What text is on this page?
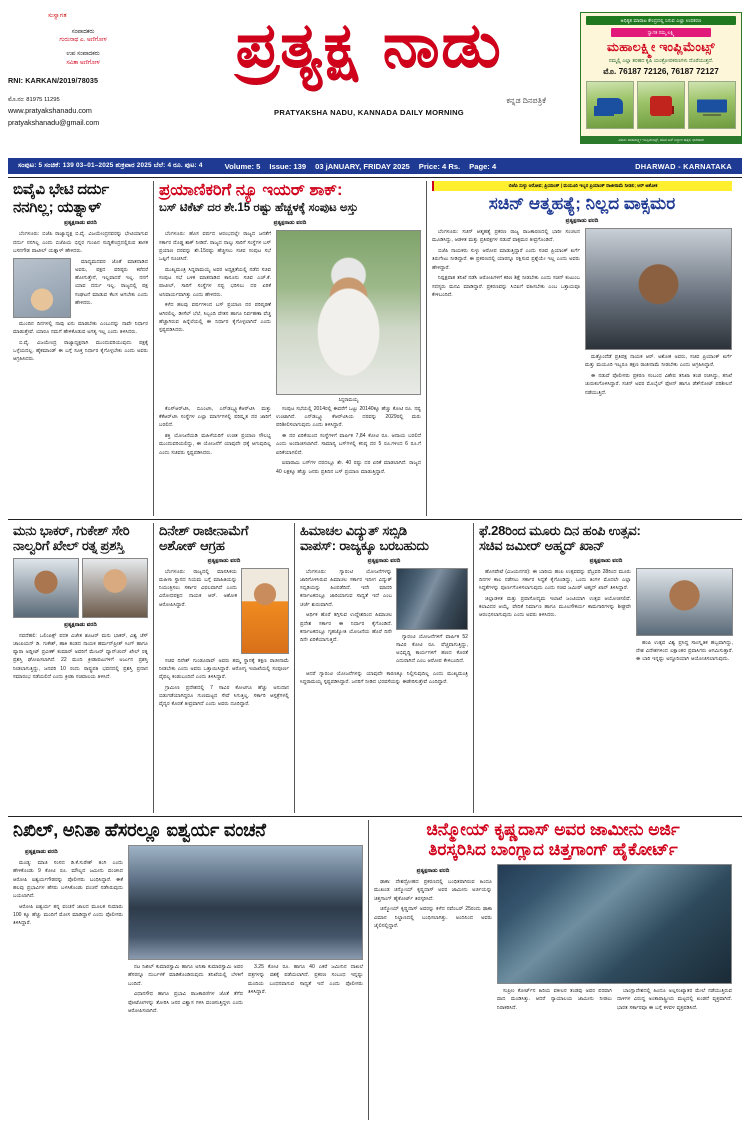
ಸುಸ್ವಾಗತ
ಸಂಪಾದಕರು
ಗುರುನಾಥ ಎ. ಅಣಿಗೋಳ
ಉಪ ಸಂಪಾದಕರು
ಸವಿತಾ ಅಣಿಗೋಳ
RNI: KARKAN/2019/78035
ಮೊ.ನಂ: 81975 11295
www.pratyakshanadu.com
pratyakshanadu@gmail.com
ಪ್ರತ್ಯಕ್ಷ ನಾಡು
ಕನ್ನಡ ದಿನಪತ್ರಿಕೆ
PRATYAKSHA NADU, KANNADA DAILY MORNING
ಅಧಿಕೃತ ಮಾರಾಟ ಕೇಂದ್ರದಲ್ಲಿ ಸಿಗುವ ಎಲ್ಲಾ ಉಪಕರಣ
ಸ್ವಾಗತ ನಮ್ಮ ಲಕ್ಷ್ಮಿ
ಮಹಾಲಕ್ಷ್ಮೀ ಇಂಪ್ಲಿಮೆಂಟ್ಸ್
ನಮ್ಮಲ್ಲಿ ಎಲ್ಲಾ ತರಹದ ಕೃಷಿ ಯಂತ್ರೋಪಕರಣಗಳು ದೊರೆಯುತ್ತದೆ.
ಮೊ. 76187 72126, 76187 72127
ವಿಳಾಸ: ಮಹಾಲಕ್ಷ್ಮೀ ಇಂಪ್ಲಿಮೆಂಟ್ಸ್, ಹೊಸ ಬಸ್ ನಿಲ್ದಾಣ ಹತ್ತಿರ, ಧಾರವಾಡ
ಸಂಪುಟ: 5 ಸಂಚಿಕೆ: 139 03–01–2025 ಶುಕ್ರವಾರ 2025 ಬೆಲೆ: 4 ರೂ. ಪುಟ: 4	Volume: 5 Issue: 139 03 jANUARY, FRIDAY 2025 Price: 4 Rs. Page: 4	DHARWAD - KARNATAKA
ಬಿವೈವಿ ಭೇಟಿ ದರ್ದು
ನನಗಿಲ್ಲ; ಯತ್ನಾಳ್
ಪ್ರತ್ಯಕ್ಷನಾಡು ವರದಿ

ಬೆಂಗಳೂರು: ಬಿಜೆಪಿ ರಾಜ್ಯಾಧ್ಯಕ್ಷ ಬಿ.ವೈ. ವಿಜಯೇಂದ್ರನವರನ್ನು ಭೇಟಿಯಾಗುವ ದರ್ದು ನನಗಿಲ್ಲ ಎಂದು ಬಿಜೆಪಿಯ ಭಿನ್ನರ ಗುಂಪಿನ ಸುದ್ದಿಕೇಂದ್ರದಲ್ಲಿರುವ ಶಾಸಕ ಬಸನಗೌಡ ಪಾಟೀಲ್ ಯತ್ನಾಳ್ ಹೇಳಿದರು.

ಮಾಧ್ಯಮದವರ ಜೊತೆ ಮಾತನಾಡಿದ ಅವರು, ಪಕ್ಷದ ವರಿಷ್ಠರು ಕರೆದರೆ ಹೋಗುತ್ತೇನೆ, ಇಲ್ಲವಾದರೆ ಇಲ್ಲ. ನನಗೆ ಯಾವ ದರ್ದು ಇಲ್ಲ. ರಾಜ್ಯದಲ್ಲಿ ಪಕ್ಷ ಸಂಘಟನೆ ಮಾಡುವ ಕೆಲಸ ಆಗಬೇಕು ಎಂದು ಹೇಳಿದರು.

ಮುಂದಿನ ದಿನಗಳಲ್ಲಿ ನಾವು ಏನು ಮಾಡಬೇಕು ಎಂಬುದನ್ನು ನಾವೇ ನಿರ್ಧಾರ ಮಾಡುತ್ತೇವೆ. ಯಾರೂ ನಮಗೆ ಹೇಳಿಕೊಡುವ ಅಗತ್ಯ ಇಲ್ಲ ಎಂದು ತಿಳಿಸಿದರು.

ಬಿ.ವೈ. ವಿಜಯೇಂದ್ರ ರಾಜ್ಯಾಧ್ಯಕ್ಷರಾಗಿ ಮುಂದುವರಿಯುವುದು ಪಕ್ಷಕ್ಕೆ ಒಳ್ಳೆಯದಲ್ಲ. ಹೈಕಮಾಂಡ್ ಈ ಬಗ್ಗೆ ಸೂಕ್ತ ನಿರ್ಧಾರ ಕೈಗೊಳ್ಳಬೇಕು ಎಂದು ಅವರು ಆಗ್ರಹಿಸಿದರು.

ಪ್ರಯಾಣಿಕರಿಗೆ ನ್ಯೂ ಇಯರ್ ಶಾಕ್:
ಬಸ್ ಟಿಕೆಟ್ ದರ ಶೇ.15 ರಷ್ಟು ಹೆಚ್ಚಳಕ್ಕೆ ಸಂಪುಟ ಅಸ್ತು
ಪ್ರತ್ಯಕ್ಷನಾಡು ವರದಿ

ಬೆಂಗಳೂರು: ಹೊಸ ವರ್ಷದ ಆರಂಭದಲ್ಲೇ ರಾಜ್ಯದ ಜನತೆಗೆ ಸರ್ಕಾರ ದೊಡ್ಡ ಶಾಕ್ ನೀಡಿದೆ. ರಾಜ್ಯದ ನಾಲ್ಕು ಸಾರಿಗೆ ಸಂಸ್ಥೆಗಳ ಬಸ್ ಪ್ರಯಾಣ ದರವನ್ನು ಶೇ.15ರಷ್ಟು ಹೆಚ್ಚಿಸಲು ಸಚಿವ ಸಂಪುಟ ಸಭೆ ಒಪ್ಪಿಗೆ ಸೂಚಿಸಿದೆ.

ಮುಖ್ಯಮಂತ್ರಿ ಸಿದ್ದರಾಮಯ್ಯ ಅವರ ಅಧ್ಯಕ್ಷತೆಯಲ್ಲಿ ನಡೆದ ಸಚಿವ ಸಂಪುಟ ಸಭೆ ಬಳಿಕ ಮಾತನಾಡಿದ ಕಾನೂನು ಸಚಿವ ಎಚ್.ಕೆ. ಪಾಟೀಲ್, ಸಾರಿಗೆ ಸಂಸ್ಥೆಗಳ ನಷ್ಟ ಭರಿಸಲು ದರ ಏರಿಕೆ ಅನಿವಾರ್ಯವಾಗಿತ್ತು ಎಂದು ಹೇಳಿದರು.

ಕಳೆದ ಹಲವು ವರ್ಷಗಳಿಂದ ಬಸ್ ಪ್ರಯಾಣ ದರ ಪರಿಷ್ಕರಣೆ ಆಗಿರಲಿಲ್ಲ. ಡೀಸೆಲ್ ಬೆಲೆ, ಸಿಬ್ಬಂದಿ ವೇತನ ಹಾಗೂ ನಿರ್ವಹಣಾ ವೆಚ್ಚ ಹೆಚ್ಚಾಗಿರುವ ಹಿನ್ನೆಲೆಯಲ್ಲಿ ಈ ನಿರ್ಧಾರ ಕೈಗೊಳ್ಳಲಾಗಿದೆ ಎಂದು ಸ್ಪಷ್ಟಪಡಿಸಿದರು.

ಸಿದ್ದರಾಮಯ್ಯ

ಕೆಎಸ್‌ಆರ್‌ಟಿಸಿ, ಬಿಎಂಟಿಸಿ, ಎನ್‌ಡಬ್ಲ್ಯೂಕೆಆರ್‌ಟಿಸಿ ಮತ್ತು ಕೆಕೆಆರ್‌ಟಿಸಿ ಸಂಸ್ಥೆಗಳ ಎಲ್ಲಾ ಮಾರ್ಗಗಳಲ್ಲಿ ಪರಿಷ್ಕೃತ ದರ ಜಾರಿಗೆ ಬರಲಿದೆ.

ಶಕ್ತಿ ಯೋಜನೆಯಡಿ ಮಹಿಳೆಯರಿಗೆ ಉಚಿತ ಪ್ರಯಾಣ ಸೌಲಭ್ಯ ಮುಂದುವರಿಯಲಿದ್ದು, ಈ ಯೋಜನೆಗೆ ಯಾವುದೇ ಧಕ್ಕೆ ಆಗುವುದಿಲ್ಲ ಎಂದು ಸಚಿವರು ಸ್ಪಷ್ಟಪಡಿಸಿದರು.

ಸಂಪುಟ ಸಭೆಯಲ್ಲಿ 2014ರಲ್ಲಿ ಈವರೆಗೆ ಒಟ್ಟು 20140ಕ್ಕೂ ಹೆಚ್ಚು ಕೋಟಿ ರೂ. ನಷ್ಟ ಉಂಟಾಗಿದೆ. ಎನ್‌ಡಬ್ಲ್ಯೂ ಕೆಆರ್‌ಟಿಸಿಯ ದರವನ್ನು 2029ರಲ್ಲಿ ಮರು ಪರಿಶೀಲಿಸಲಾಗುವುದು ಎಂದು ತಿಳಿಸಿದ್ದಾರೆ.

ಈ ದರ ಏರಿಕೆಯಿಂದ ಸಂಸ್ಥೆಗಳಿಗೆ ವಾರ್ಷಿಕ 7,84 ಕೋಟಿ ರೂ. ಆದಾಯ ಬರಲಿದೆ ಎಂದು ಅಂದಾಜಿಸಲಾಗಿದೆ. ಸಾಮಾನ್ಯ ಬಸ್‌ಗಳಲ್ಲಿ ಕನಿಷ್ಠ ದರ 5 ರೂ.ಗಳಿಂದ 6 ರೂ.ಗೆ ಏರಿಕೆಯಾಗಲಿದೆ.

ಐಷಾರಾಮಿ ಬಸ್‌ಗಳ ದರದಲ್ಲೂ ಶೇ. 40 ರಷ್ಟು ದರ ಏರಿಕೆ ಮಾಡಲಾಗಿದೆ. ರಾಜ್ಯದ 40 ಲಕ್ಷಕ್ಕೂ ಹೆಚ್ಚು ಜನರು ಪ್ರತಿದಿನ ಬಸ್ ಪ್ರಯಾಣ ಮಾಡುತ್ತಿದ್ದಾರೆ.

ಬಿಜೆಪಿ ಸುಳ್ಳು ಆರೋಪ; ಪ್ರಿಯಾಂಕ್ | ಮಯೂರಿ ಇಬ್ಬರ ಪ್ರಿಯಾಂಕ್ ರಾಜೀನಾಮೆ ನೀಡಲಿ; ಆರ್ ಅಶೋಕ
ಸಚಿನ್ ಆತ್ಮಹತ್ಯೆ; ನಿಲ್ಲದ ವಾಕ್ಸಮರ
ಪ್ರತ್ಯಕ್ಷನಾಡು ವರದಿ

ಬೆಂಗಳೂರು: ಸಚಿನ್ ಆತ್ಮಹತ್ಯೆ ಪ್ರಕರಣ ರಾಜ್ಯ ರಾಜಕಾರಣದಲ್ಲಿ ಭಾರೀ ಸಂಚಲನ ಮೂಡಿಸಿದ್ದು, ಆಡಳಿತ ಮತ್ತು ಪ್ರತಿಪಕ್ಷಗಳ ನಡುವೆ ವಾಕ್ಸಮರ ತೀವ್ರಗೊಂಡಿದೆ.

ಬಿಜೆಪಿ ನಾಯಕರು ಸುಳ್ಳು ಆರೋಪ ಮಾಡುತ್ತಿದ್ದಾರೆ ಎಂದು ಸಚಿವ ಪ್ರಿಯಾಂಕ್ ಖರ್ಗೆ ತಿರುಗೇಟು ನೀಡಿದ್ದಾರೆ. ಈ ಪ್ರಕರಣದಲ್ಲಿ ಯಾರನ್ನೂ ರಕ್ಷಿಸುವ ಪ್ರಶ್ನೆಯೇ ಇಲ್ಲ ಎಂದು ಅವರು ಹೇಳಿದ್ದಾರೆ.

ನಿಷ್ಪಕ್ಷಪಾತ ತನಿಖೆ ನಡೆಸಿ ಆರೋಪಿಗಳಿಗೆ ಕಠಿಣ ಶಿಕ್ಷೆ ನೀಡಬೇಕು ಎಂದು ಸಚಿನ್ ಕುಟುಂಬ ಸದಸ್ಯರು ಮನವಿ ಮಾಡಿದ್ದಾರೆ. ಪ್ರಕರಣವನ್ನು ಸಿಬಿಐಗೆ ವಹಿಸಬೇಕು ಎಂಬ ಒತ್ತಾಯವೂ ಕೇಳಿಬಂದಿದೆ.

ಮತ್ತೊಂದೆಡೆ ಪ್ರತಿಪಕ್ಷ ನಾಯಕ ಆರ್. ಅಶೋಕ ಅವರು, ಸಚಿವ ಪ್ರಿಯಾಂಕ್ ಖರ್ಗೆ ಮತ್ತು ಮಯೂರಿ ಇಬ್ಬರೂ ತಕ್ಷಣ ರಾಜೀನಾಮೆ ನೀಡಬೇಕು ಎಂದು ಆಗ್ರಹಿಸಿದ್ದಾರೆ.

ಈ ನಡುವೆ ಪೊಲೀಸರು ಪ್ರಕರಣ ಸಂಬಂಧ ವಿಶೇಷ ತನಿಖಾ ತಂಡ ರಚಿಸಿದ್ದು, ತನಿಖೆ ಚುರುಕುಗೊಳಿಸಿದ್ದಾರೆ. ಸಚಿನ್ ಅವರ ಮೊಬೈಲ್ ಫೋನ್ ಹಾಗೂ ಡೆತ್‌ನೋಟ್ ಪರಿಶೀಲನೆ ನಡೆಯುತ್ತಿದೆ.

ಮನು ಭಾಕರ್, ಗುಕೇಶ್ ಸೇರಿ
ನಾಲ್ವರಿಗೆ ಖೇಲ್ ರತ್ನ ಪ್ರಶಸ್ತಿ
ಪ್ರತ್ಯಕ್ಷನಾಡು ವರದಿ

ನವದೆಹಲಿ: ಒಲಿಂಪಿಕ್ಸ್ ಪದಕ ವಿಜೇತ ಶೂಟರ್ ಮನು ಭಾಕರ್, ವಿಶ್ವ ಚೆಸ್ ಚಾಂಪಿಯನ್ ಡಿ. ಗುಕೇಶ್, ಹಾಕಿ ತಂಡದ ನಾಯಕ ಹರ್ಮನ್‌ಪ್ರೀತ್ ಸಿಂಗ್ ಹಾಗೂ ಪ್ಯಾರಾ ಅಥ್ಲೀಟ್ ಪ್ರವೀಣ್ ಕುಮಾರ್ ಅವರಿಗೆ ಮೇಜರ್ ಧ್ಯಾನ್‌ಚಂದ್ ಖೇಲ್ ರತ್ನ ಪ್ರಶಸ್ತಿ ಘೋಷಿಸಲಾಗಿದೆ. 22 ಮಂದಿ ಕ್ರೀಡಾಪಟುಗಳಿಗೆ ಅರ್ಜುನ ಪ್ರಶಸ್ತಿ ನೀಡಲಾಗುತ್ತಿದ್ದು, ಜನವರಿ 10 ರಂದು ರಾಷ್ಟ್ರಪತಿ ಭವನದಲ್ಲಿ ಪ್ರಶಸ್ತಿ ಪ್ರದಾನ ಸಮಾರಂಭ ನಡೆಯಲಿದೆ ಎಂದು ಕ್ರೀಡಾ ಸಚಿವಾಲಯ ತಿಳಿಸಿದೆ.

ದಿನೇಶ್ ರಾಜೀನಾಮೆಗೆ ಅಶೋಕ್ ಆಗ್ರಹ
ಪ್ರತ್ಯಕ್ಷನಾಡು ವರದಿ

ಬೆಂಗಳೂರು: ರಾಜ್ಯದಲ್ಲಿ ಮಾನಸಿಕಯ ಮಹಿಳಾ ಸ್ಥಾನದ ನಿಯಮ ಬಗ್ಗೆ ಮಾಹಿತಿಯನ್ನು ನಿಯಂತ್ರಿಸಲು ಸರ್ಕಾರ ವಿಫಲವಾಗಿದೆ ಎಂದು ವಿರೋಧಪಕ್ಷದ ನಾಯಕ ಆರ್. ಅಶೋಕ ಆರೋಪಿಸಿದ್ದಾರೆ.

ಸಚಿವ ದಿನೇಶ್ ಗುಂಡೂರಾವ್ ಅವರು ತಮ್ಮ ಸ್ಥಾನಕ್ಕೆ ತಕ್ಷಣ ರಾಜೀನಾಮೆ ನೀಡಬೇಕು ಎಂದು ಅವರು ಒತ್ತಾಯಿಸಿದ್ದಾರೆ. ಆರೋಗ್ಯ ಇಲಾಖೆಯಲ್ಲಿ ಸಂಪೂರ್ಣ ವೈಫಲ್ಯ ಕಂಡುಬಂದಿದೆ ಎಂದು ತಿಳಿಸಿದ್ದಾರೆ.

ಗ್ರಾಮೀಣ ಪ್ರದೇಶದಲ್ಲಿ 7 ಸಾವಿರ ಕೋಟಿಗೂ ಹೆಚ್ಚು ಅನುದಾನ ಬಿಡುಗಡೆಯಾಗಿದ್ದರೂ ಗುಣಮಟ್ಟದ ಸೇವೆ ಸಿಗುತ್ತಿಲ್ಲ. ಸರ್ಕಾರಿ ಆಸ್ಪತ್ರೆಗಳಲ್ಲಿ ವೈದ್ಯರ ಕೊರತೆ ತೀವ್ರವಾಗಿದೆ ಎಂದು ಅವರು ದೂರಿದ್ದಾರೆ.

ಹಿಮಾಚಲ ವಿದ್ಯುತ್ ಸಬ್ಸಿಡಿ
ವಾಪಸ್: ರಾಜ್ಯಕ್ಕೂ ಬರಬಹುದು
ಪ್ರತ್ಯಕ್ಷನಾಡು ವರದಿ

ಬೆಂಗಳೂರು: ಗ್ಯಾರಂಟಿ ಯೋಜನೆಗಳನ್ನು ಜಾರಿಗೊಳಿಸಿರುವ ಹಿಮಾಚಲ ಸರ್ಕಾರ ಇದೀಗ ವಿದ್ಯುತ್ ಸಬ್ಸಿಡಿಯನ್ನು ಹಿಂಪಡೆದಿದೆ. ಇದೇ ಮಾದರಿ ಕರ್ನಾಟಕದಲ್ಲೂ ಜಾರಿಯಾಗುವ ಸಾಧ್ಯತೆ ಇದೆ ಎಂಬ ಚರ್ಚೆ ಶುರುವಾಗಿದೆ.

ಆರ್ಥಿಕ ಹೊರೆ ತಗ್ಗಿಸುವ ಉದ್ದೇಶದಿಂದ ಹಿಮಾಚಲ ಪ್ರದೇಶ ಸರ್ಕಾರ ಈ ನಿರ್ಧಾರ ಕೈಗೊಂಡಿದೆ. ಕರ್ನಾಟಕದಲ್ಲೂ ಗೃಹಜ್ಯೋತಿ ಯೋಜನೆಯ ಹೊರೆ ದಿನೇ ದಿನೇ ಏರಿಕೆಯಾಗುತ್ತಿದೆ.

ಗ್ಯಾರಂಟಿ ಯೋಜನೆಗಳಿಗೆ ವಾರ್ಷಿಕ 52 ಸಾವಿರ ಕೋಟಿ ರೂ. ವೆಚ್ಚವಾಗುತ್ತಿದ್ದು, ಅಭಿವೃದ್ಧಿ ಕಾರ್ಯಗಳಿಗೆ ಹಣದ ಕೊರತೆ ಎದುರಾಗಿದೆ ಎಂಬ ಆರೋಪ ಕೇಳಿಬಂದಿದೆ.

ಆದರೆ ಗ್ಯಾರಂಟಿ ಯೋಜನೆಗಳನ್ನು ಯಾವುದೇ ಕಾರಣಕ್ಕೂ ನಿಲ್ಲಿಸುವುದಿಲ್ಲ ಎಂದು ಮುಖ್ಯಮಂತ್ರಿ ಸಿದ್ದರಾಮಯ್ಯ ಸ್ಪಷ್ಟಪಡಿಸಿದ್ದಾರೆ. ಜನರಿಗೆ ನೀಡಿದ ಭರವಸೆಯನ್ನು ಈಡೇರಿಸುತ್ತೇವೆ ಎಂದಿದ್ದಾರೆ.

ಫೆ.28ರಿಂದ ಮೂರು ದಿನ ಹಂಪಿ ಉತ್ಸವ:
ಸಚಿವ ಜಮೀರ್ ಅಹ್ಮದ್ ಖಾನ್
ಪ್ರತ್ಯಕ್ಷನಾಡು ವರದಿ

ಹೊಸಪೇಟೆ (ವಿಜಯನಗರ): ಈ ಬಾರಿಯ ಹಂಪಿ ಉತ್ಸವವನ್ನು ಫೆಬ್ರವರಿ 28ರಿಂದ ಮೂರು ದಿನಗಳ ಕಾಲ ನಡೆಸಲು ಸರ್ಕಾರ ಸಿದ್ಧತೆ ಕೈಗೊಂಡಿದ್ದು, ಒಂದು ತಿಂಗಳ ಮೊದಲೇ ಎಲ್ಲಾ ಸಿದ್ಧತೆಗಳನ್ನು ಪೂರ್ಣಗೊಳಿಸಲಾಗುವುದು ಎಂದು ಸಚಿವ ಜಮೀರ್ ಅಹ್ಮದ್ ಖಾನ್ ತಿಳಿಸಿದ್ದಾರೆ.

ಜಿಲ್ಲಾಡಳಿತ ಮತ್ತು ಪ್ರವಾಸೋದ್ಯಮ ಇಲಾಖೆ ಜಂಟಿಯಾಗಿ ಉತ್ಸವ ಆಯೋಜಿಸಲಿವೆ. ಕಲಾವಿದರ ಆಯ್ಕೆ, ವೇದಿಕೆ ನಿರ್ಮಾಣ ಹಾಗೂ ಮೂಲಸೌಕರ್ಯ ಕಾಮಗಾರಿಗಳನ್ನು ಶೀಘ್ರವೇ ಆರಂಭಿಸಲಾಗುವುದು ಎಂದು ಅವರು ತಿಳಿಸಿದರು.

ಹಂಪಿ ಉತ್ಸವ ವಿಶ್ವ ಪ್ರಸಿದ್ಧ ಸಾಂಸ್ಕೃತಿಕ ಹಬ್ಬವಾಗಿದ್ದು, ದೇಶ ವಿದೇಶಗಳಿಂದ ಲಕ್ಷಾಂತರ ಪ್ರವಾಸಿಗರು ಆಗಮಿಸುತ್ತಾರೆ. ಈ ಬಾರಿ ಇನ್ನಷ್ಟು ಅದ್ಧೂರಿಯಾಗಿ ಆಯೋಜಿಸಲಾಗುವುದು.

ನಿಖಿಲ್, ಅನಿತಾ ಹೆಸರಲ್ಲೂ ಐಶ್ವರ್ಯ ವಂಚನೆ
ಪ್ರತ್ಯಕ್ಷನಾಡು ವರದಿ

ಮಂಡ್ಯ: ಮಾಜಿ ಸಂಸದ ಡಿ.ಕೆ.ಸುರೇಶ್ ತಂಗಿ ಎಂದು ಹೇಳಿಕೊಂಡು 9 ಕೋಟಿ ರೂ. ಮೌಲ್ಯದ ಜಮೀನು ವಂಚಿಸಿದ ಆರೋಪಿ ಐಶ್ವರ್ಯಗೌಡರನ್ನು ಪೊಲೀಸರು ಬಂಧಿಸಿದ್ದಾರೆ. ಈಕೆ ಹಲವು ಪ್ರಭಾವಿಗಳ ಹೆಸರು ಬಳಸಿಕೊಂಡು ವಂಚನೆ ನಡೆಸಿರುವುದು ಬಯಲಾಗಿದೆ.

ಆರೋಪಿ ಐಶ್ವರ್ಯ ತನ್ನ ವಂಚನೆ ಜಾಲದ ಮೂಲಕ ಸುಮಾರು 100 ಕ್ಕೂ ಹೆಚ್ಚು ಮಂದಿಗೆ ಮೋಸ ಮಾಡಿದ್ದಾಳೆ ಎಂದು ಪೊಲೀಸರು ತಿಳಿಸಿದ್ದಾರೆ.

ನಟ ನಿಖಿಲ್ ಕುಮಾರಸ್ವಾಮಿ ಹಾಗೂ ಅನಿತಾ ಕುಮಾರಸ್ವಾಮಿ ಅವರ ಹೆಸರನ್ನೂ ದುರ್ಬಳಕೆ ಮಾಡಿಕೊಂಡಿರುವುದು ತನಿಖೆಯಲ್ಲಿ ಬೆಳಕಿಗೆ ಬಂದಿದೆ.

ವಿಧಾನಸೌಧ ಹಾಗೂ ಪ್ರಭಾವಿ ರಾಜಕಾರಣಿಗಳ ಜೊತೆ ತೆಗೆದ ಫೋಟೋಗಳನ್ನು ತೋರಿಸಿ ಜನರ ವಿಶ್ವಾಸ ಗಳಿಸಿ ವಂಚಿಸುತ್ತಿದ್ದಳು ಎಂದು ಆರೋಪಿಸಲಾಗಿದೆ.

3.25 ಕೋಟಿ ರೂ. ಹಾಗೂ 40 ಎಕರೆ ಜಮೀನಿನ ದಾಖಲೆ ಪತ್ರಗಳನ್ನು ವಶಕ್ಕೆ ಪಡೆಯಲಾಗಿದೆ. ಪ್ರಕರಣ ಸಂಬಂಧ ಇನ್ನಷ್ಟು ಮಂದಿಯ ಬಂಧನವಾಗುವ ಸಾಧ್ಯತೆ ಇದೆ ಎಂದು ಪೊಲೀಸರು ತಿಳಿಸಿದ್ದಾರೆ.

ಚಿನ್ಮೋಯ್ ಕೃಷ್ಣದಾಸ್ ಅವರ ಜಾಮೀನು ಅರ್ಜಿ
ತಿರಸ್ಕರಿಸಿದ ಬಾಂಗ್ಲಾದ ಚಿತ್ತಗಾಂಗ್ ಹೈಕೋರ್ಟ್
ಪ್ರತ್ಯಕ್ಷನಾಡು ವರದಿ

ಢಾಕಾ: ದೇಶದ್ರೋಹದ ಪ್ರಕರಣದಲ್ಲಿ ಬಂಧಿತರಾಗಿರುವ ಹಿಂದೂ ಮುಖಂಡ ಚಿನ್ಮೋಯ್ ಕೃಷ್ಣದಾಸ್ ಅವರ ಜಾಮೀನು ಅರ್ಜಿಯನ್ನು ಚಿತ್ತಗಾಂಗ್ ಹೈಕೋರ್ಟ್ ತಿರಸ್ಕರಿಸಿದೆ.

ಚಿನ್ಮೋಯ್ ಕೃಷ್ಣದಾಸ್ ಅವರನ್ನು ಕಳೆದ ನವೆಂಬರ್ 25ರಂದು ಢಾಕಾ ವಿಮಾನ ನಿಲ್ದಾಣದಲ್ಲಿ ಬಂಧಿಸಲಾಗಿತ್ತು. ಅಂದಿನಿಂದ ಅವರು ಜೈಲಿನಲ್ಲಿದ್ದಾರೆ.

ಸುಪ್ರೀಂ ಕೋರ್ಟ್‌ನ ಹಿರಿಯ ವಕೀಲರ ತಂಡವು ಅವರ ಪರವಾಗಿ ವಾದ ಮಂಡಿಸಿತ್ತು. ಆದರೆ ನ್ಯಾಯಾಲಯ ಜಾಮೀನು ನೀಡಲು ನಿರಾಕರಿಸಿದೆ.

ಬಾಂಗ್ಲಾದೇಶದಲ್ಲಿ ಹಿಂದೂ ಅಲ್ಪಸಂಖ್ಯಾತರ ಮೇಲೆ ನಡೆಯುತ್ತಿರುವ ದಾಳಿಗಳ ವಿರುದ್ಧ ಅಂತಾರಾಷ್ಟ್ರೀಯ ಮಟ್ಟದಲ್ಲಿ ಖಂಡನೆ ವ್ಯಕ್ತವಾಗಿದೆ. ಭಾರತ ಸರ್ಕಾರವೂ ಈ ಬಗ್ಗೆ ಕಳವಳ ವ್ಯಕ್ತಪಡಿಸಿದೆ.
